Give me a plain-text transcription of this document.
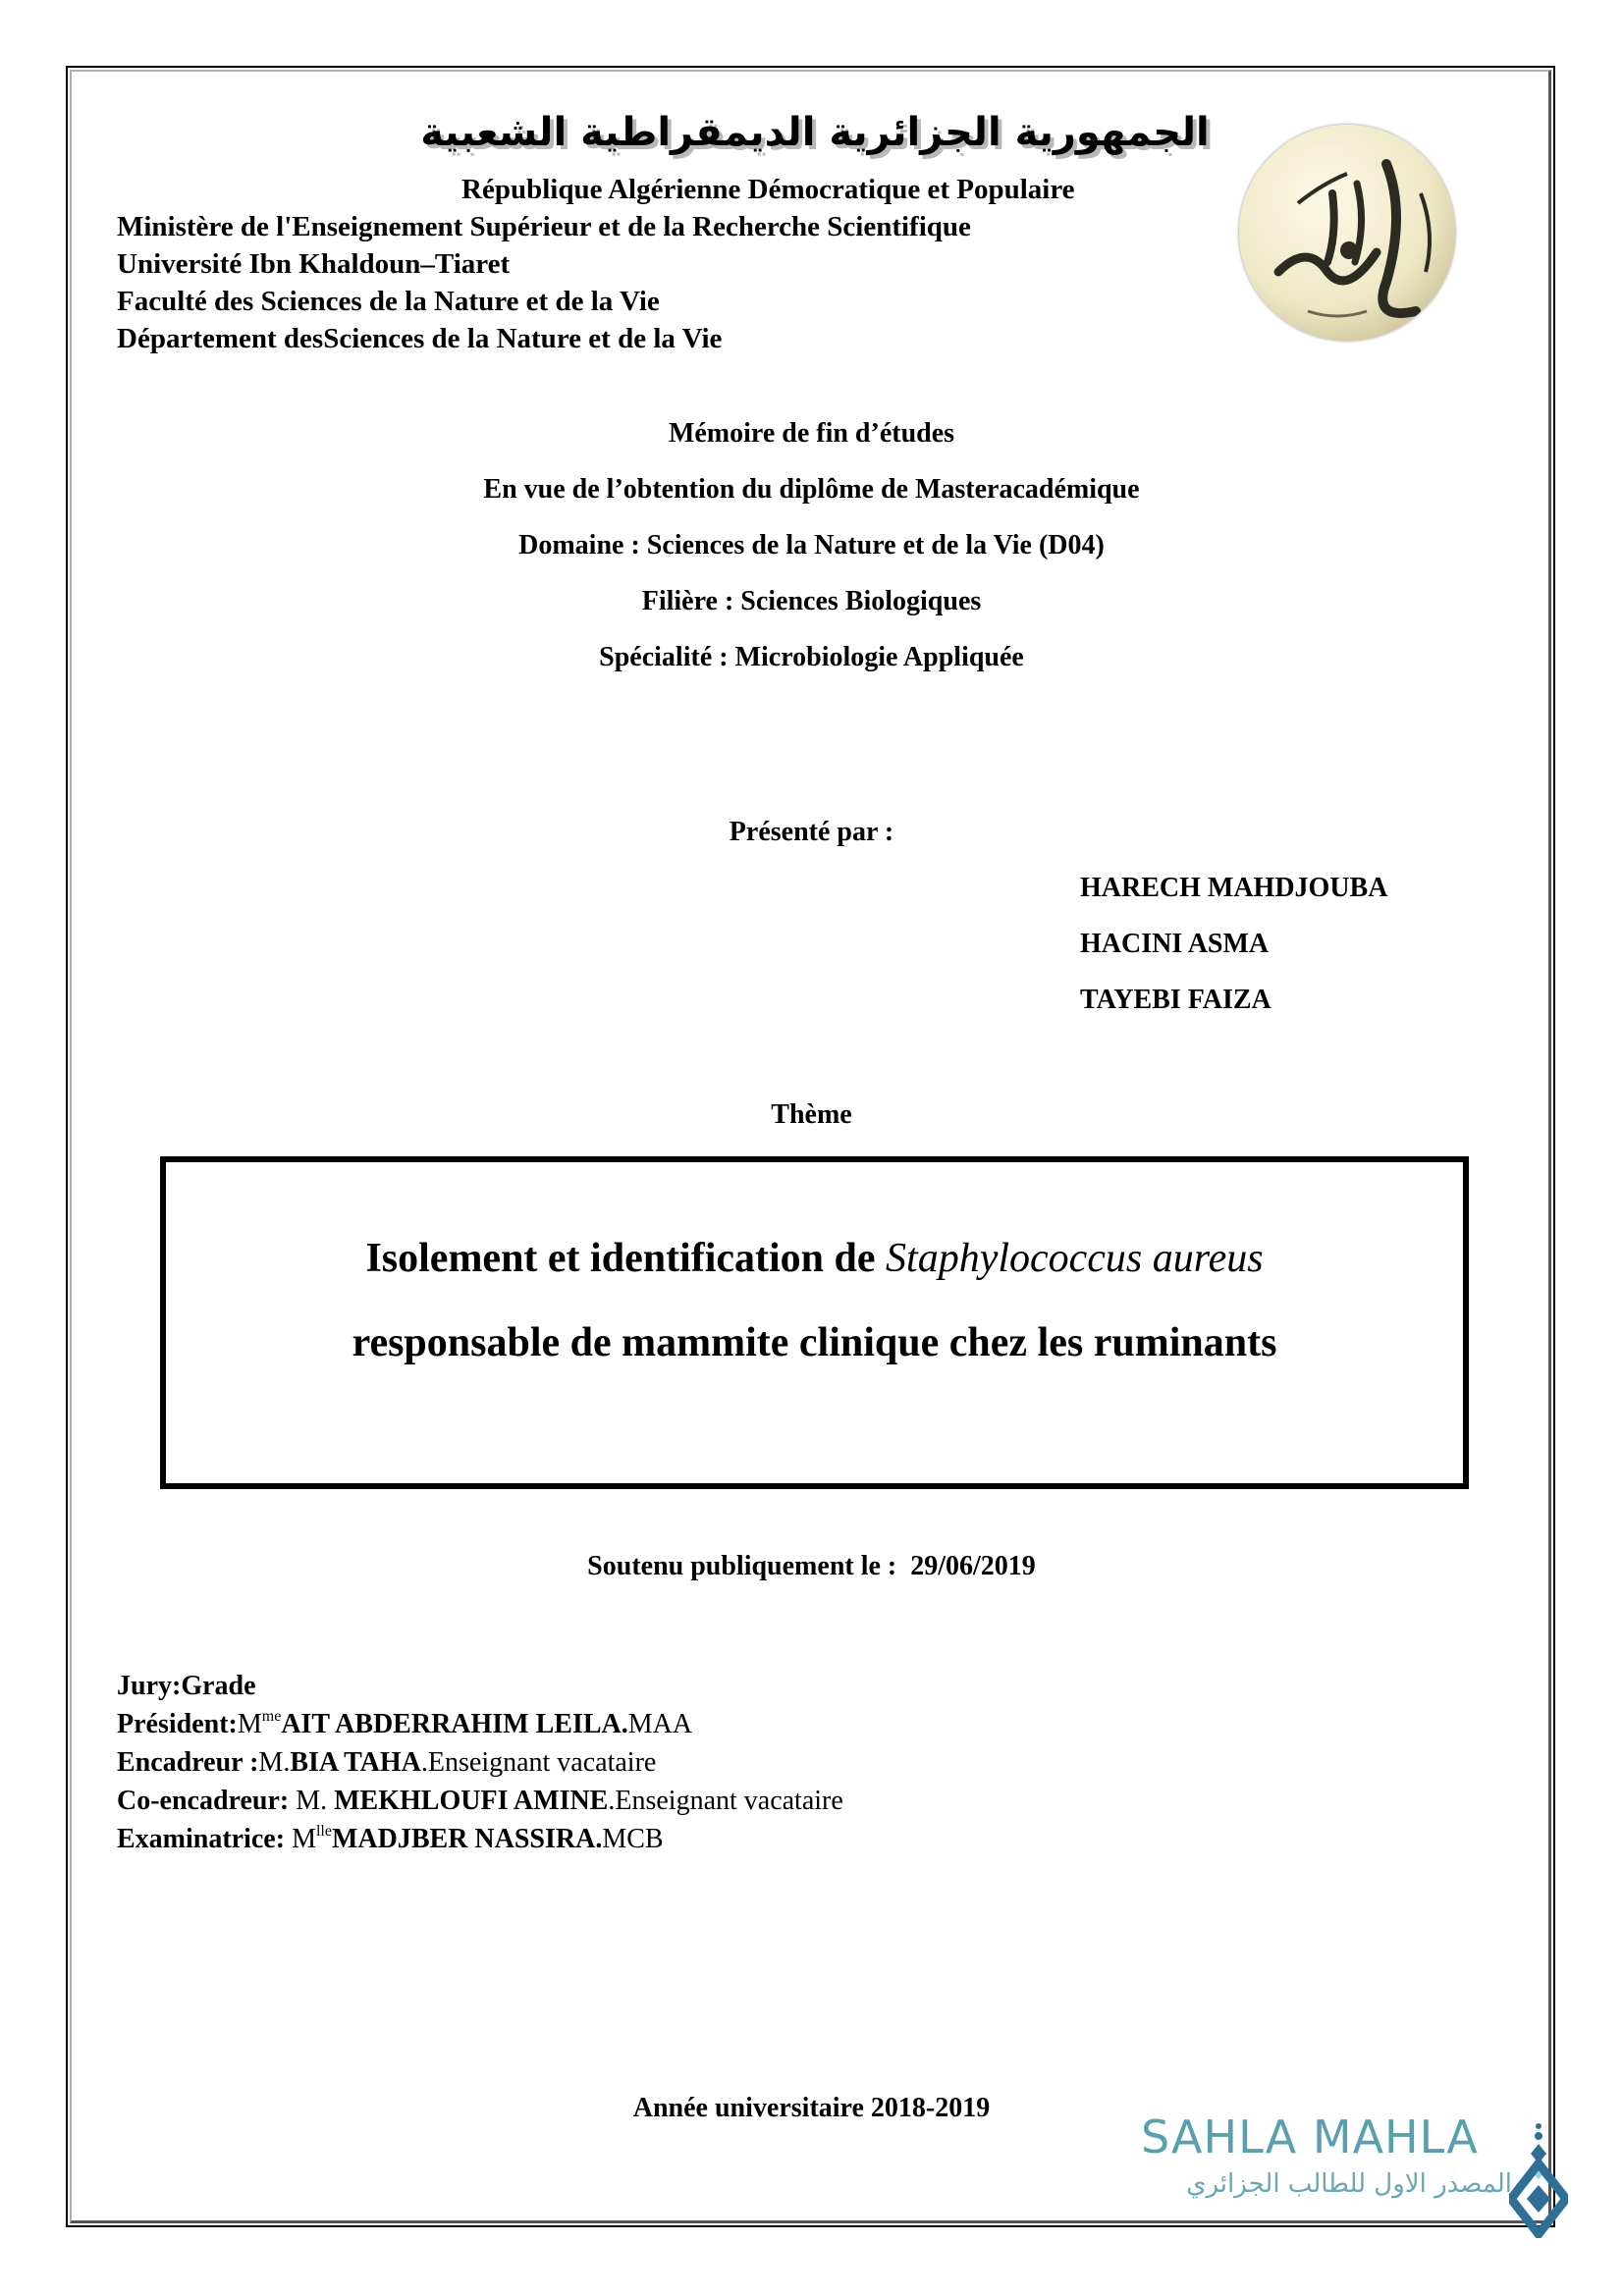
الجمهورية الجزائرية الديمقراطية الشعبية
République Algérienne Démocratique et Populaire
Ministère de l'Enseignement Supérieur et de la Recherche Scientifique
Université Ibn Khaldoun–Tiaret
Faculté des Sciences de la Nature et de la Vie
Département desSciences de la Nature et de la Vie
Mémoire de fin d’études
En vue de l’obtention du diplôme de Masteracadémique
Domaine : Sciences de la Nature et de la Vie (D04)
Filière : Sciences Biologiques
Spécialité : Microbiologie Appliquée
Présenté par :
HARECH MAHDJOUBA
HACINI ASMA
TAYEBI FAIZA
Thème
Isolement et identification de Staphylococcus aureus
responsable de mammite clinique chez les ruminants
Soutenu publiquement le : 29/06/2019
Jury:Grade
$Président:M^{me}AIT$ ABDERRAHIM LEILA.MAA
Encadreur :M.BIA TAHA.Enseignant vacataire
Co-encadreur: M. MEKHLOUFI AMINE.Enseignant vacataire
Examinatrice: $M^{lle}MADJBER$ NASSIRA.MCB
Année universitaire 2018-2019
SAHLA MAHLA
المصدر الاول للطالب الجزائري
